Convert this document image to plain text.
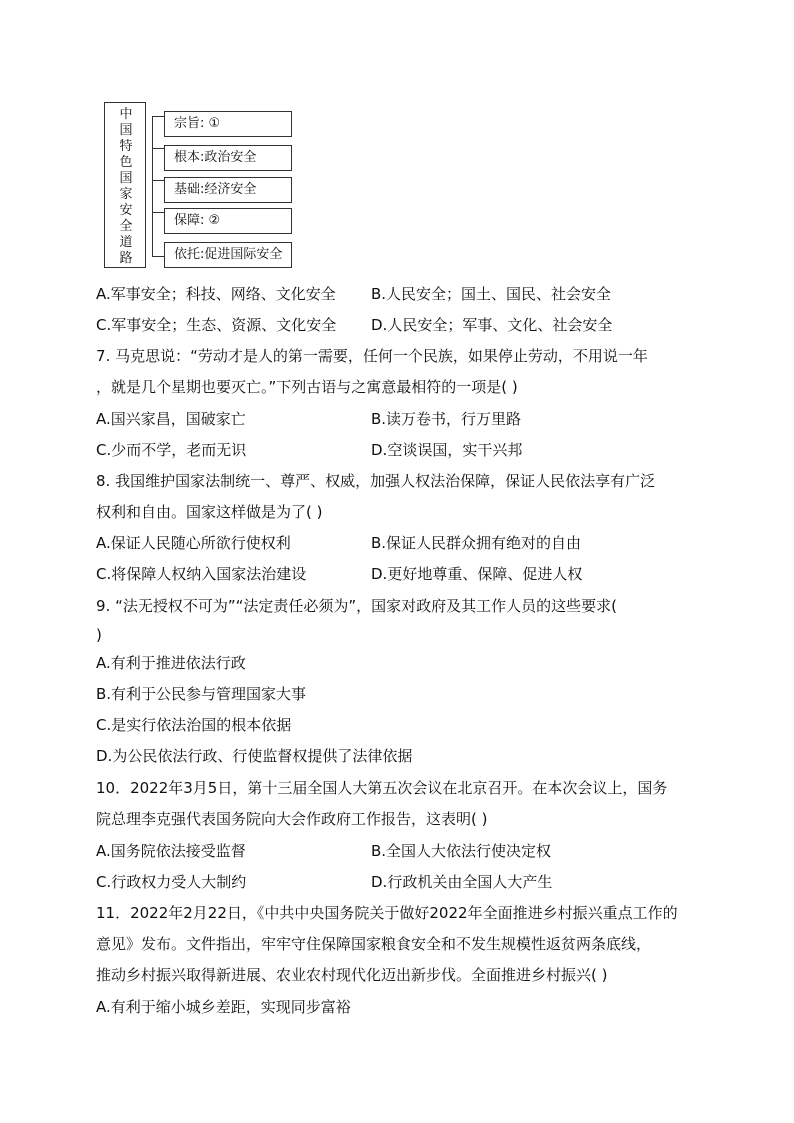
中
国
特
色
国
家
安
全
道
路
宗旨: ①
根本:政治安全
基础:经济安全
保障: ②
依托:促进国际安全
A.军事安全；科技、网络、文化安全 B.人民安全；国土、国民、社会安全
C.军事安全；生态、资源、文化安全 D.人民安全；军事、文化、社会安全
7. 马克思说：“劳动才是人的第一需要，任何一个民族，如果停止劳动，不用说一年
，就是几个星期也要灭亡。”下列古语与之寓意最相符的一项是( )
A.国兴家昌，国破家亡	B.读万卷书，行万里路
C.少而不学，老而无识	D.空谈误国，实干兴邦
8. 我国维护国家法制统一、尊严、权威，加强人权法治保障，保证人民依法享有广泛
权利和自由。国家这样做是为了( )
A.保证人民随心所欲行使权利	B.保证人民群众拥有绝对的自由
C.将保障人权纳入国家法治建设	D.更好地尊重、保障、促进人权
9. “法无授权不可为”“法定责任必须为”，国家对政府及其工作人员的这些要求(
)
A.有利于推进依法行政
B.有利于公民参与管理国家大事
C.是实行依法治国的根本依据
D.为公民依法行政、行使监督权提供了法律依据
10．2022年3月5日，第十三届全国人大第五次会议在北京召开。在本次会议上，国务
院总理李克强代表国务院向大会作政府工作报告，这表明( )
A.国务院依法接受监督	B.全国人大依法行使决定权
C.行政权力受人大制约	D.行政机关由全国人大产生
11．2022年2月22日，《中共中央国务院关于做好2022年全面推进乡村振兴重点工作的
意见》发布。文件指出，牢牢守住保障国家粮食安全和不发生规模性返贫两条底线，
推动乡村振兴取得新进展、农业农村现代化迈出新步伐。全面推进乡村振兴( )
A.有利于缩小城乡差距，实现同步富裕
